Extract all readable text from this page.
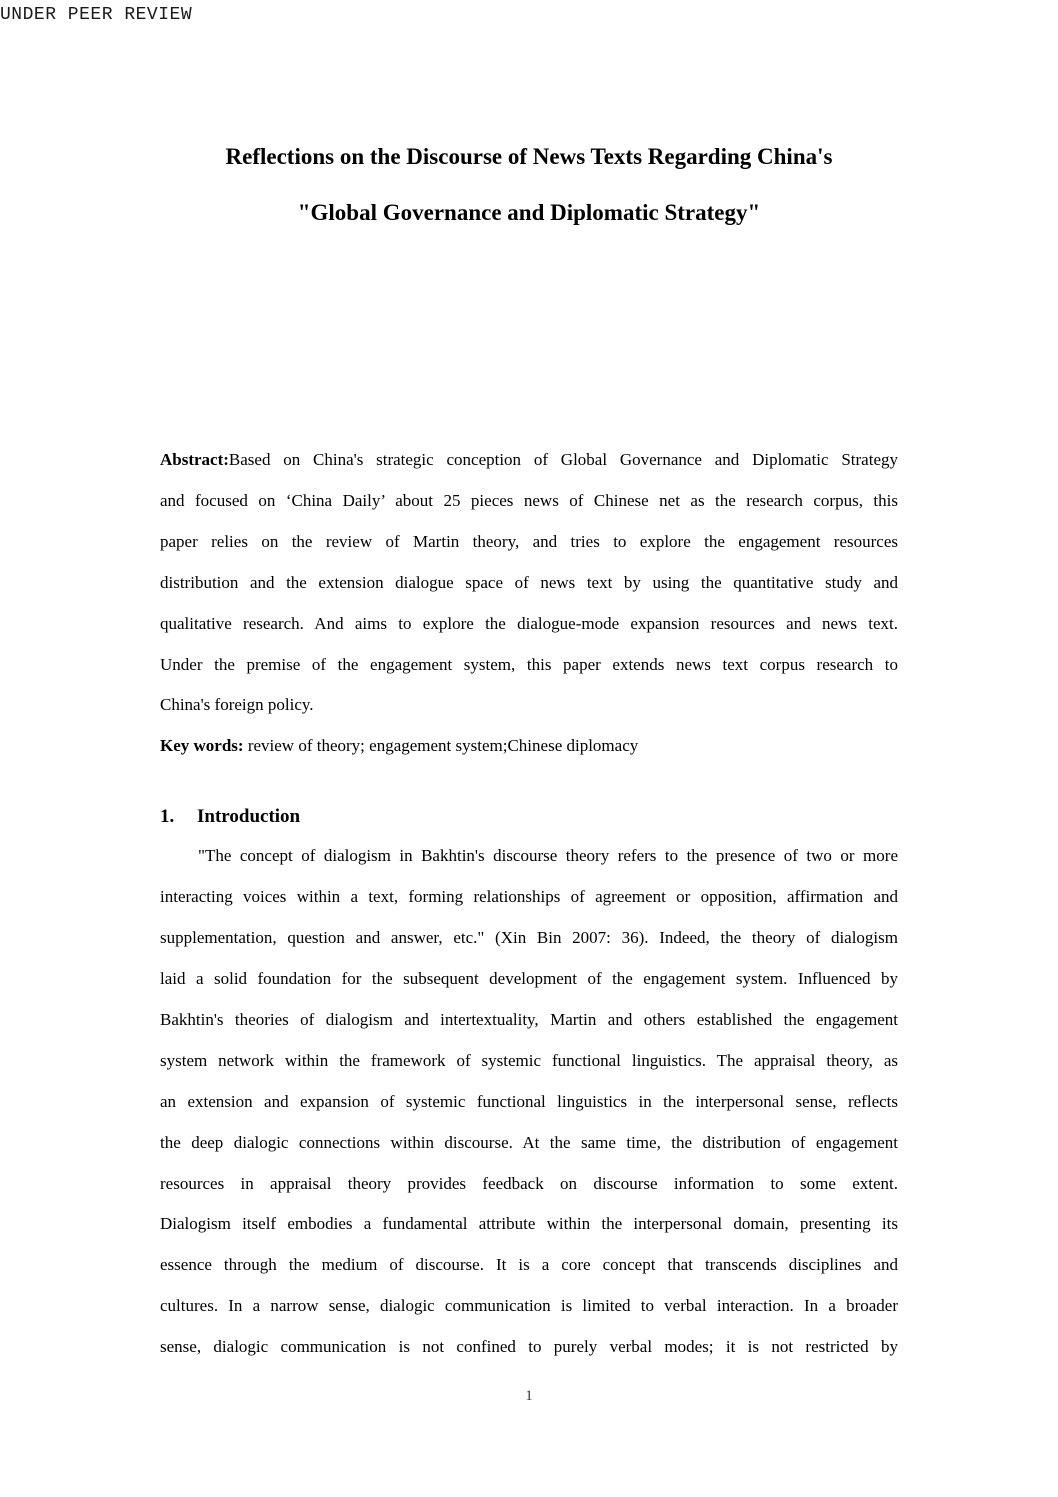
UNDER PEER REVIEW
Reflections on the Discourse of News Texts Regarding China's
"Global Governance and Diplomatic Strategy"
Abstract:Based on China's strategic conception of Global Governance and Diplomatic Strategy
and focused on ‘China Daily’ about 25 pieces news of Chinese net as the research corpus, this
paper relies on the review of Martin theory, and tries to explore the engagement resources
distribution and the extension dialogue space of news text by using the quantitative study and
qualitative research. And aims to explore the dialogue-mode expansion resources and news text.
Under the premise of the engagement system, this paper extends news text corpus research to
China's foreign policy.
Key words: review of theory; engagement system;Chinese diplomacy
1. Introduction
"The concept of dialogism in Bakhtin's discourse theory refers to the presence of two or more
interacting voices within a text, forming relationships of agreement or opposition, affirmation and
supplementation, question and answer, etc." (Xin Bin 2007: 36). Indeed, the theory of dialogism
laid a solid foundation for the subsequent development of the engagement system. Influenced by
Bakhtin's theories of dialogism and intertextuality, Martin and others established the engagement
system network within the framework of systemic functional linguistics. The appraisal theory, as
an extension and expansion of systemic functional linguistics in the interpersonal sense, reflects
the deep dialogic connections within discourse. At the same time, the distribution of engagement
resources in appraisal theory provides feedback on discourse information to some extent.
Dialogism itself embodies a fundamental attribute within the interpersonal domain, presenting its
essence through the medium of discourse. It is a core concept that transcends disciplines and
cultures. In a narrow sense, dialogic communication is limited to verbal interaction. In a broader
sense, dialogic communication is not confined to purely verbal modes; it is not restricted by
1
